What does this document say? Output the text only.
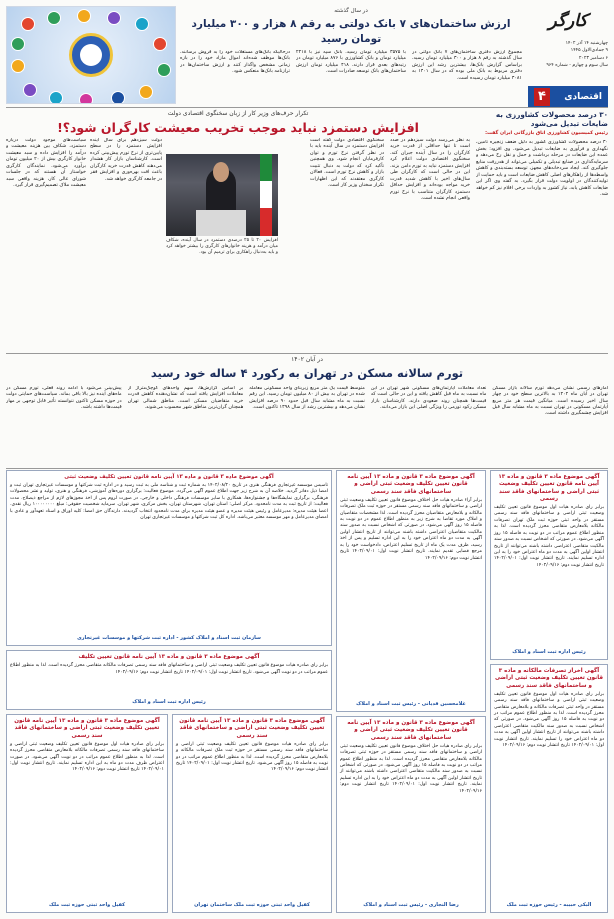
کارگر
چهارشنبه ۱۴ آذر ۱۴۰۲
۹ جمادی‌الاول ۱۴۴۵
۶ دسامبر ۲۰۲۳
سال سوم و چهارم - شماره ۹۶۴
اقتصادی
۴
در سال گذشته
ارزش ساختمان‌های ۷ بانک دولتی به رقم ۸ هزار و ۳۰۰ میلیارد تومان رسید
مجموع ارزش دفتری ساختمان‌های ۷ بانک دولتی در سال گذشته به رقم ۸ هزار و ۳۰۰ میلیارد تومان رسید. براساس گزارش بانک‌ها، بیشترین رشد این ارزش دفتری مربوط به بانک ملی بوده که در سال ۱۴۰۱ به ۳۰۸۱ میلیارد تومان رسیده است.
با ۳۵۷۵ میلیارد تومان رسید. بانک سپه نیز با ۲۲۱۸ میلیارد تومان و بانک کشاورزی با ۸۷۶ میلیارد تومان در رتبه‌های بعدی قرار دارند. ۴۱۸ میلیارد تومان ارزش ساختمان‌های بانک توسعه صادرات است.
درحالیکه بانک‌های مستغلات خود را به فروش برسانند. بانک‌ها موظف شده‌اند اموال مازاد خود را در بازه زمانی مشخص واگذار کنند و ارزش ساختمان‌ها در ترازنامه بانک‌ها منعکس شود.
۳۰ درصد محصولات کشاورزی به ضایعات تبدیل می‌شود
رئیس کمیسیون کشاورزی اتاق بازرگانی ایران گفت:
۳۰ درصد محصولات کشاورزی کشور به دلیل ضعف زنجیره تأمین، نگهداری و فرآوری به ضایعات تبدیل می‌شود. وی افزود: بخش عمده این ضایعات در مرحله برداشت و حمل و نقل رخ می‌دهد و سرمایه‌گذاری در صنایع تبدیلی و تکمیلی می‌تواند از هدررفت منابع جلوگیری کند. ایجاد سردخانه‌های مجهز، توسعه بسته‌بندی و کاهش واسطه‌ها از راهکارهای اصلی کاهش ضایعات است و باید حمایت از تولیدکنندگان در اولویت دولت قرار بگیرد. به گفته وی اگر این ضایعات کاهش یابد، نیاز کشور به واردات برخی اقلام نیز کم خواهد شد.
تکرار حرف‌های وزیر کار از زبان سخنگوی اقتصادی دولت
افزایش دستمزد نباید موجب تخریب معیشت کارگران شود؟!
به نظر می‌رسد دولت سیزدهم در صدد است تا تنها حداقلی از قدرت خرید کارگران را در سال آینده جبران کند. سخنگوی اقتصادی دولت اعلام کرد افزایش دستمزد نباید به تورم دامن بزند. این در حالی است که کارگران طی سال‌های اخیر با کاهش شدید قدرت خرید مواجه بوده‌اند و افزایش حداقل دستمزد کارگران متناسب با نرخ تورم واقعی انجام نشده است.
سخنگوی اقتصادی دولت گفته است افزایش دستمزد در سال آینده باید با در نظر گرفتن نرخ تورم و توان کارفرمایان انجام شود. وی همچنین تأکید کرد که دولت به دنبال تثبیت بازار و کاهش نرخ تورم است. فعالان کارگری معتقدند که این اظهارات تکرار سخنان وزیر کار است.
افزایش ۲۰ تا ۲۵ درصدی دستمزد در سال آینده، شکاف میان درآمد و هزینه خانوارهای کارگری را بیشتر خواهد کرد و باید به‌دنبال راهکاری برای ترمیم آن بود.
دولت سیزدهم برای سال آینده افزایش دستمزد را در سطح پایین‌تری از نرخ تورم پیش‌بینی کرده است. کارشناسان بازار کار هشدار می‌دهند کاهش قدرت خرید کارگران باعث افت بهره‌وری و افزایش فقر در جامعه کارگری خواهد شد.
سیاست‌های موجود دولت درباره دستمزد، شکاف بین هزینه معیشت و درآمد را افزایش داده و سبد معیشت خانوار کارگری بیش از ۲۰ میلیون تومان برآورد می‌شود. نمایندگان کارگری خواستار آن هستند که در جلسات شورای عالی کار، هزینه واقعی سبد معیشت ملاک تصمیم‌گیری قرار گیرد.
در آبان ۱۴۰۲
تورم سالانه مسکن در تهران به رکورد ۴ ساله خود رسید
آمارهای رسمی نشان می‌دهد تورم سالانه بازار مسکن تهران در آبان ماه ۱۴۰۲ به بالاترین سطح خود در چهار سال اخیر رسیده است. میانگین قیمت هر متر مربع آپارتمان مسکونی در تهران نسبت به ماه مشابه سال قبل افزایش چشمگیری داشته است.
تعداد معاملات آپارتمان‌های مسکونی شهر تهران در این ماه نسبت به ماه قبل کاهش یافته و این در حالی است که قیمت‌ها همچنان روند صعودی دارند. کارشناسان بازار مسکن رکود تورمی را ویژگی اصلی این بازار می‌دانند.
متوسط قیمت یک متر مربع زیربنای واحد مسکونی معامله شده در تهران به بیش از ۸۰ میلیون تومان رسید. این رقم نسبت به ماه مشابه سال قبل حدود ۹۰ درصد افزایش نشان می‌دهد و بیشترین رشد از سال ۱۳۹۸ تاکنون است.
بر اساس گزارش‌ها، سهم واحدهای کوچک‌متراژ از معاملات افزایش یافته است که نشان‌دهنده کاهش قدرت خرید متقاضیان مسکن است. مناطق شمالی تهران همچنان گران‌ترین مناطق شهر محسوب می‌شوند.
پیش‌بینی می‌شود با ادامه روند فعلی، تورم مسکن در ماه‌های آینده نیز بالا باقی بماند. سیاست‌های حمایتی دولت در حوزه مسکن تاکنون نتوانسته تأثیر قابل توجهی بر مهار قیمت‌ها داشته باشد.
آگهی موضوع ماده ۳ قانون و ماده ۱۳ آیین نامه قانون تعیین تکلیف وضعیت ثبتی اراضی و ساختمانهای فاقد سند رسمی
برابر رای صادره هیات اول موضوع قانون تعیین تکلیف وضعیت ثبتی اراضی و ساختمانهای فاقد سند رسمی مستقر در واحد ثبتی حوزه ثبت ملک تهران تصرفات مالکانه بلامعارض متقاضی محرز گردیده است. لذا به منظور اطلاع عموم مراتب در دو نوبت به فاصله ۱۵ روز آگهی می‌شود. در صورتی که اشخاص نسبت به صدور سند مالکیت متقاضی اعتراضی داشته باشند می‌توانند از تاریخ انتشار اولین آگهی به مدت دو ماه اعتراض خود را به این اداره تسلیم نمایند. تاریخ انتشار نوبت اول: ۱۴۰۲/۰۹/۰۱ تاریخ انتشار نوبت دوم: ۱۴۰۲/۰۹/۱۶
رئیس اداره ثبت اسناد و املاک
آگهی موضوع ماده ۳ قانون و ماده ۱۳ آیین نامه قانون تعیین تکلیف وضعیت ثبتی اراضی و ساختمانهای فاقد سند رسمی
برابر آراء صادره هیات حل اختلاف موضوع قانون تعیین تکلیف وضعیت ثبتی اراضی و ساختمانهای فاقد سند رسمی مستقر در حوزه ثبت ملک تصرفات مالکانه و بلامعارض متقاضیان محرز گردیده است. لذا مشخصات متقاضیان و املاک مورد تقاضا به شرح زیر به منظور اطلاع عموم در دو نوبت به فاصله ۱۵ روز آگهی می‌شود. در صورتی که اشخاص نسبت به صدور سند مالکیت متقاضیان اعتراضی داشته باشند می‌توانند از تاریخ انتشار اولین آگهی به مدت دو ماه اعتراض خود را به این اداره تسلیم و پس از اخذ رسید، ظرف مدت یک ماه از تاریخ تسلیم اعتراض، دادخواست خود را به مرجع قضایی تقدیم نمایند. تاریخ انتشار نوبت اول: ۱۴۰۲/۰۹/۰۱ تاریخ انتشار نوبت دوم: ۱۴۰۲/۰۹/۱۶
غلامحسین قدیانی - رئیس ثبت اسناد و املاک
آگهی موضوع ماده ۳ قانون و ماده ۱۳ آیین نامه قانون تعیین تکلیف وضعیت ثبتی
تاسیس موسسه غیرتجاری فرهنگی هنری در تاریخ ۱۴۰۲/۰۸/۲۰ به شماره ثبت و شناسه ملی به ثبت رسید و در اداره ثبت شرکتها و موسسات غیرتجاری تهران ثبت و امضا ذیل دفاتر گردید. خلاصه آن به شرح زیر جهت اطلاع عموم آگهی می‌گردد. موضوع فعالیت: برگزاری دوره‌های آموزشی، فرهنگی و هنری، تولید و نشر محصولات فرهنگی، برگزاری نمایشگاه‌ها و جشنواره‌ها، همکاری با سایر موسسات فرهنگی داخلی و خارجی. در صورت لزوم پس از اخذ مجوزهای لازم از مراجع ذیصلاح. مدت فعالیت: از تاریخ ثبت به مدت نامحدود. مرکز اصلی: استان تهران، شهرستان تهران، بخش مرکزی، شهر تهران. سرمایه شخصیت حقوقی: مبلغ ۱۰۰۰۰۰۰۰۰ ریال نقدی. اعضا هیئت مدیره: مدیرعامل و رئیس هیئت مدیره و عضو هیئت مدیره برای مدت نامحدود انتخاب گردیدند. دارندگان حق امضا: کلیه اوراق و اسناد تعهدآور و عادی با امضای مدیرعامل و مهر موسسه معتبر می‌باشد. اداره کل ثبت شرکتها و موسسات غیرتجاری تهران
سازمان ثبت اسناد و املاک کشور - اداره ثبت شرکتها و موسسات غیرتجاری
آگهی موضوع ماده ۳ قانون و ماده ۱۳ آیین نامه قانون تعیین تکلیف
برابر رای صادره هیات موضوع قانون تعیین تکلیف وضعیت ثبتی اراضی و ساختمانهای فاقد سند رسمی تصرفات مالکانه متقاضی محرز گردیده است. لذا به منظور اطلاع عموم مراتب در دو نوبت آگهی می‌شود. تاریخ انتشار نوبت اول: ۱۴۰۲/۰۹/۰۱ تاریخ انتشار نوبت دوم: ۱۴۰۲/۰۹/۱۶
رئیس اداره ثبت اسناد و املاک
آگهی اخراز تصرفات مالکانه و ماده ۳ قانون تعیین تکلیف وضعیت ثبتی اراضی و ساختمانهای فاقد سند رسمی
برابر رای صادره هیات اول موضوع قانون تعیین تکلیف وضعیت ثبتی اراضی و ساختمانهای فاقد سند رسمی مستقر در واحد ثبتی تصرفات مالکانه و بلامعارض متقاضی محرز گردیده است. لذا به منظور اطلاع عموم مراتب در دو نوبت به فاصله ۱۵ روز آگهی می‌شود. در صورتی که اشخاص نسبت به صدور سند مالکیت متقاضی اعتراضی داشته باشند می‌توانند از تاریخ انتشار اولین آگهی به مدت دو ماه اعتراض خود را تسلیم نمایند. تاریخ انتشار نوبت اول: ۱۴۰۲/۰۹/۰۱ تاریخ انتشار نوبت دوم: ۱۴۰۲/۰۹/۱۶
البکی حبیبه - رئیس حوزه ثبت ملک
آگهی موضوع ماده ۳ قانون و ماده ۱۳ آیین نامه قانون تعیین تکلیف وضعیت ثبتی اراضی و ساختمانهای فاقد سند رسمی
برابر رای صادره هیات حل اختلاف موضوع قانون تعیین تکلیف وضعیت ثبتی اراضی و ساختمانهای فاقد سند رسمی مستقر در حوزه ثبتی تصرفات مالکانه بلامعارض متقاضی محرز گردیده است. لذا به منظور اطلاع عموم مراتب در دو نوبت به فاصله ۱۵ روز آگهی می‌شود. در صورتی که اشخاص نسبت به صدور سند مالکیت متقاضی اعتراضی داشته باشند می‌توانند از تاریخ انتشار اولین آگهی به مدت دو ماه اعتراض خود را به این اداره تسلیم نمایند. تاریخ انتشار نوبت اول: ۱۴۰۲/۰۹/۰۱ تاریخ انتشار نوبت دوم: ۱۴۰۲/۰۹/۱۶
رضا النجاری - رئیس ثبت اسناد و املاک
آگهی موضوع ماده ۳ قانون و ماده ۱۳ آیین نامه قانون تعیین تکلیف وضعیت ثبتی اراضی و ساختمانهای فاقد سند رسمی
برابر رای صادره هیات موضوع قانون تعیین تکلیف وضعیت ثبتی اراضی و ساختمانهای فاقد سند رسمی مستقر در حوزه ثبت ملک تصرفات مالکانه و بلامعارض متقاضی محرز گردیده است. لذا به منظور اطلاع عموم مراتب در دو نوبت به فاصله ۱۵ روز آگهی می‌شود. تاریخ انتشار نوبت اول: ۱۴۰۲/۰۹/۰۱ تاریخ انتشار نوبت دوم: ۱۴۰۲/۰۹/۱۶
کفیل واحد ثبتی حوزه ثبت ملک ساختمان تهران
آگهی موضوع ماده ۳ قانون و ماده ۱۳ آیین نامه قانون تعیین تکلیف وضعیت ثبتی اراضی و ساختمانهای فاقد سند رسمی
برابر رای صادره هیات اول موضوع قانون تعیین تکلیف وضعیت ثبتی اراضی و ساختمانهای فاقد سند رسمی تصرفات مالکانه بلامعارض متقاضی محرز گردیده است. لذا به منظور اطلاع عموم مراتب در دو نوبت آگهی می‌شود. در صورت اعتراض ظرف مدت دو ماه به این اداره تسلیم نمایند. تاریخ انتشار نوبت اول: ۱۴۰۲/۰۹/۰۱ تاریخ انتشار نوبت دوم: ۱۴۰۲/۰۹/۱۶
کفیل واحد ثبتی حوزه ثبت ملک
